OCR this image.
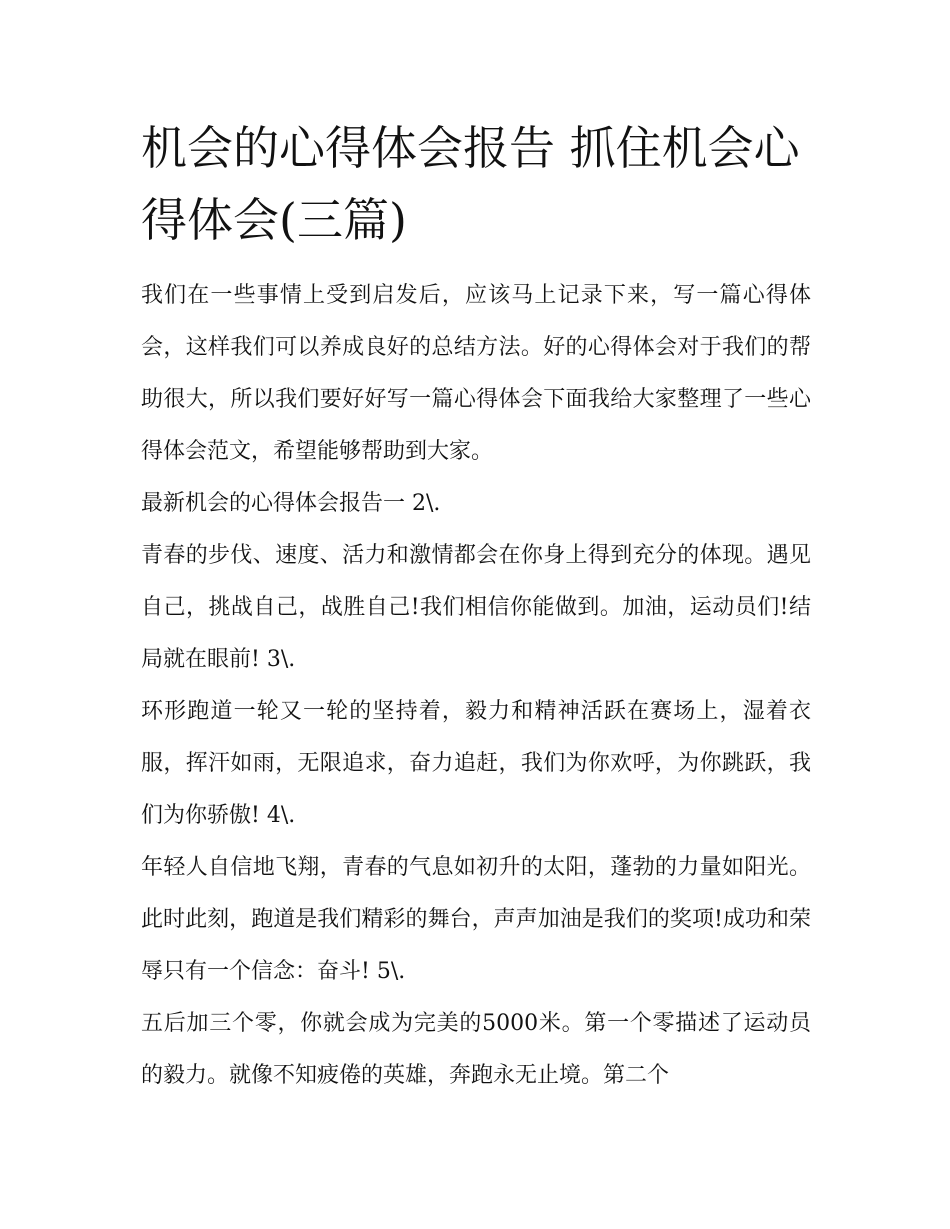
机会的心得体会报告 抓住机会心得体会(三篇)

我们在一些事情上受到启发后，应该马上记录下来，写一篇心得体会，这样我们可以养成良好的总结方法。好的心得体会对于我们的帮助很大，所以我们要好好写一篇心得体会下面我给大家整理了一些心得体会范文，希望能够帮助到大家。

最新机会的心得体会报告一 2\.

青春的步伐、速度、活力和激情都会在你身上得到充分的体现。遇见自己，挑战自己，战胜自己!我们相信你能做到。加油，运动员们!结局就在眼前! 3\.

环形跑道一轮又一轮的坚持着，毅力和精神活跃在赛场上，湿着衣服，挥汗如雨，无限追求，奋力追赶，我们为你欢呼，为你跳跃，我们为你骄傲! 4\.

年轻人自信地飞翔，青春的气息如初升的太阳，蓬勃的力量如阳光。此时此刻，跑道是我们精彩的舞台，声声加油是我们的奖项!成功和荣辱只有一个信念：奋斗! 5\.

五后加三个零，你就会成为完美的5000米。第一个零描述了运动员的毅力。就像不知疲倦的英雄，奔跑永无止境。第二个
